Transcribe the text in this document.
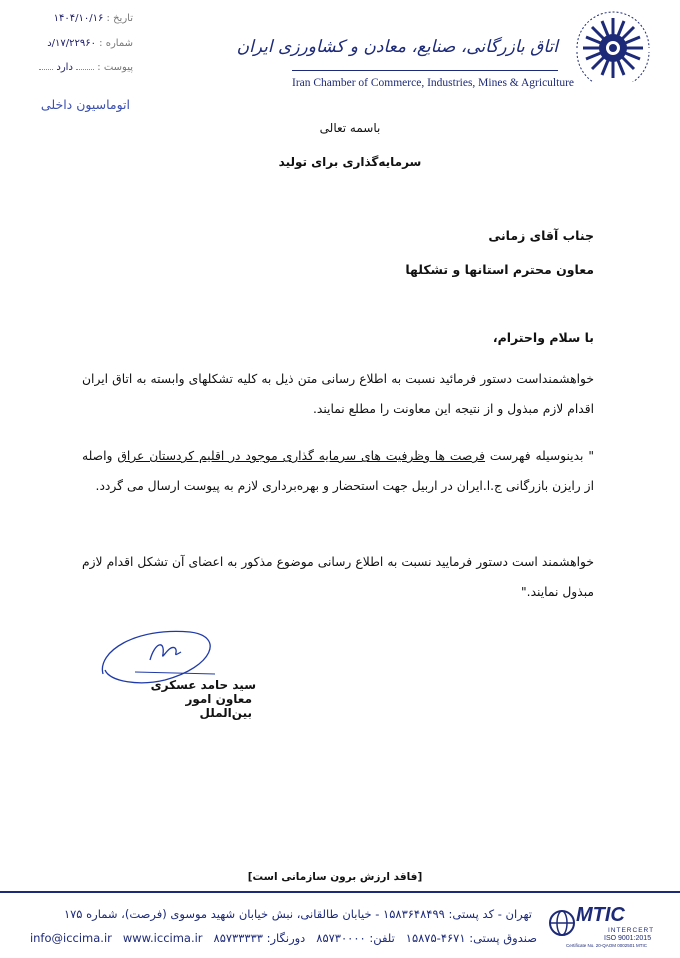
تاریخ : ۱۴۰۴/۱۰/۱۶
شماره : ۱۷/۲۲۹۶۰/د
پیوست :  دارد
اتوماسیون داخلی
اتاق بازرگانی، صنایع، معادن و کشاورزی ایران
Iran Chamber of Commerce, Industries, Mines & Agriculture
باسمه تعالی
سرمایه‌گذاری برای تولید
جناب آقای زمانی
معاون محترم استانها و تشکلها
با سلام واحترام،
خواهشمنداست دستور فرمائید نسبت به اطلاع رسانی متن ذیل به کلیه تشکلهای وابسته به اتاق ایران اقدام لازم مبذول و از نتیجه این معاونت را مطلع نمایند.
" بدینوسیله فهرست فرصت ها وظرفیت های سرمایه گذاری موجود در اقلیم کردستان عراق واصله از رایزن بازرگانی ج.ا.ایران در اربیل جهت استحضار و بهره‌برداری لازم به پیوست ارسال می گردد.
خواهشمند است دستور فرمایید نسبت به اطلاع رسانی موضوع مذکور به اعضای آن تشکل اقدام لازم مبذول نمایند."
سید حامد عسکری
معاون امور بین‌الملل
[فاقد ارزش برون سازمانی است]
تهران - کد پستی: ۱۵۸۳۶۴۸۴۹۹ - خیابان طالقانی، نبش خیابان شهید موسوی (فرصت)، شماره ۱۷۵
صندوق پستی: ۴۶۷۱-۱۵۸۷۵   تلفن: ۸۵۷۳۰۰۰۰   دورنگار: ۸۵۷۳۳۳۳۳   info@iccima.ir www.iccima.ir
MTIC
INTERCERT
ISO 9001:2015
Certificate No. 20-QAOM 0002501 MTIC
